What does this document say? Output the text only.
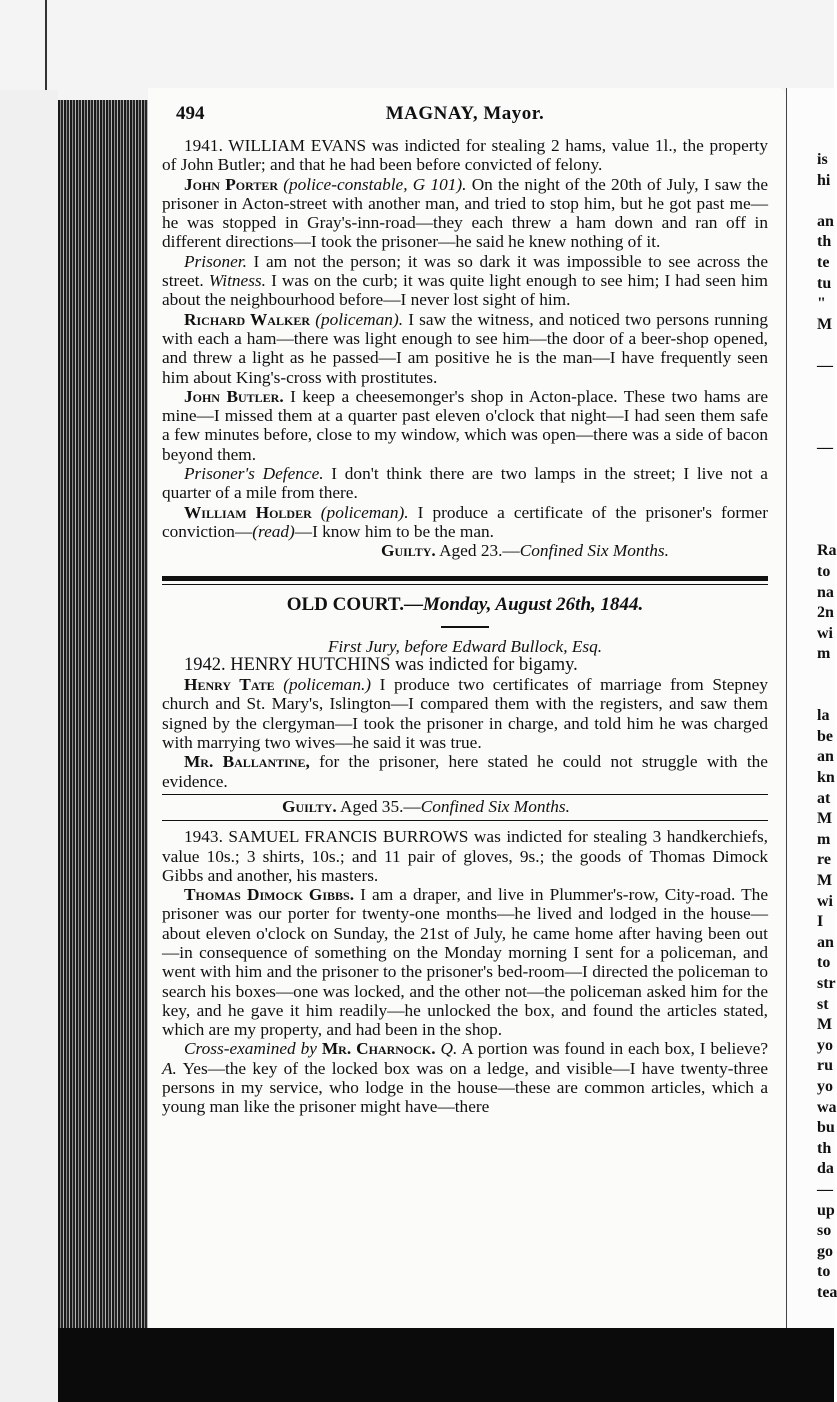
is
hi
an
th
te
tu
"
M
—
—
Ra
to
na
2n
wi
m
la
be
an
kn
at
M
m
re
M
wi
I
an
to
str
st
M
yo
ru
yo
wa
bu
th
da
—
up
so
go
to
tea
494	MAGNAY, Mayor.

1941. WILLIAM EVANS was indicted for stealing 2 hams, value 1l., the property of John Butler; and that he had been before convicted of felony.

John Porter (police-constable, G 101). On the night of the 20th of July, I saw the prisoner in Acton-street with another man, and tried to stop him, but he got past me—he was stopped in Gray's-inn-road—they each threw a ham down and ran off in different directions—I took the prisoner—he said he knew nothing of it.

Prisoner. I am not the person; it was so dark it was impossible to see across the street. Witness. I was on the curb; it was quite light enough to see him; I had seen him about the neighbourhood before—I never lost sight of him.

Richard Walker (policeman). I saw the witness, and noticed two persons running with each a ham—there was light enough to see him—the door of a beer-shop opened, and threw a light as he passed—I am positive he is the man—I have frequently seen him about King's-cross with prostitutes.

John Butler. I keep a cheesemonger's shop in Acton-place. These two hams are mine—I missed them at a quarter past eleven o'clock that night—I had seen them safe a few minutes before, close to my window, which was open—there was a side of bacon beyond them.

Prisoner's Defence. I don't think there are two lamps in the street; I live not a quarter of a mile from there.

William Holder (policeman). I produce a certificate of the prisoner's former conviction—(read)—I know him to be the man.

Guilty. Aged 23.—Confined Six Months.

OLD COURT.—Monday, August 26th, 1844.

First Jury, before Edward Bullock, Esq.

1942. HENRY HUTCHINS was indicted for bigamy.

Henry Tate (policeman.) I produce two certificates of marriage from Stepney church and St. Mary's, Islington—I compared them with the registers, and saw them signed by the clergyman—I took the prisoner in charge, and told him he was charged with marrying two wives—he said it was true.

Mr. Ballantine, for the prisoner, here stated he could not struggle with the evidence.

Guilty. Aged 35.—Confined Six Months.

1943. SAMUEL FRANCIS BURROWS was indicted for stealing 3 handkerchiefs, value 10s.; 3 shirts, 10s.; and 11 pair of gloves, 9s.; the goods of Thomas Dimock Gibbs and another, his masters.

Thomas Dimock Gibbs. I am a draper, and live in Plummer's-row, City-road. The prisoner was our porter for twenty-one months—he lived and lodged in the house—about eleven o'clock on Sunday, the 21st of July, he came home after having been out—in consequence of something on the Monday morning I sent for a policeman, and went with him and the prisoner to the prisoner's bed-room—I directed the policeman to search his boxes—one was locked, and the other not—the policeman asked him for the key, and he gave it him readily—he unlocked the box, and found the articles stated, which are my property, and had been in the shop.

Cross-examined by Mr. Charnock. Q. A portion was found in each box, I believe? A. Yes—the key of the locked box was on a ledge, and visible—I have twenty-three persons in my service, who lodge in the house—these are common articles, which a young man like the prisoner might have—there
